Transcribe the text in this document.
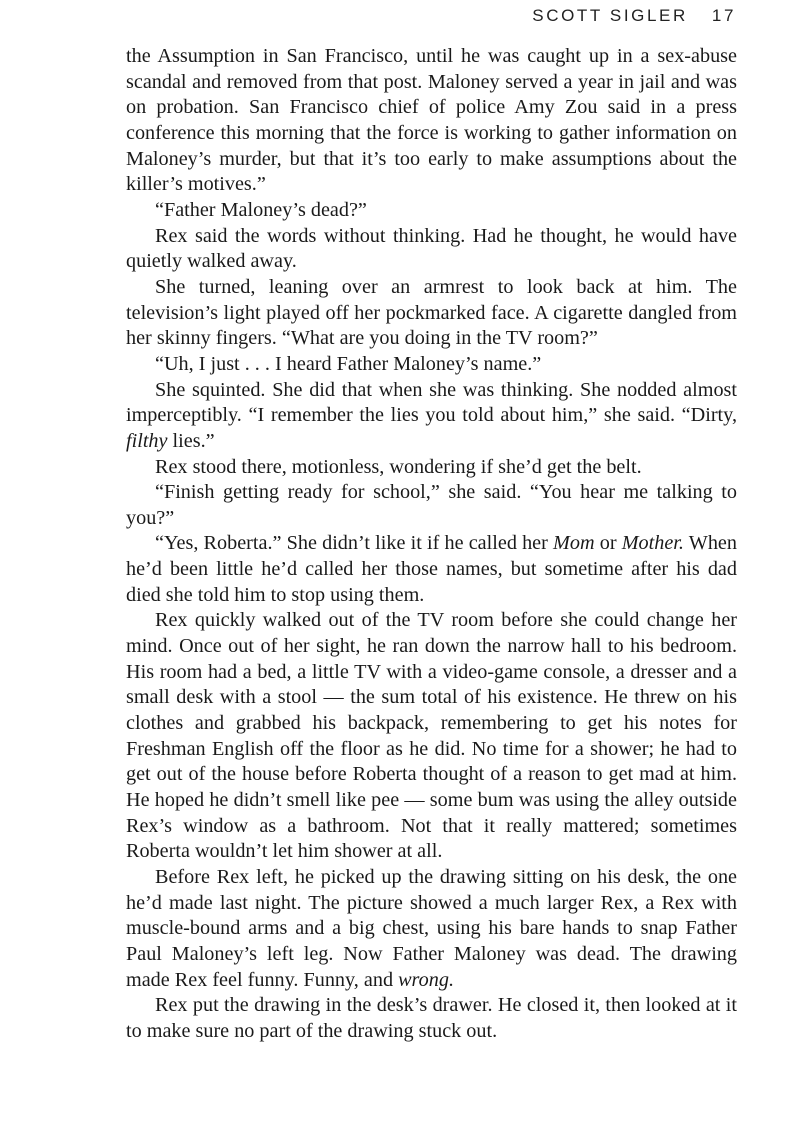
SCOTT SIGLER 17

the Assumption in San Francisco, until he was caught up in a sex-abuse scandal and removed from that post. Maloney served a year in jail and was on probation. San Francisco chief of police Amy Zou said in a press conference this morning that the force is working to gather information on Maloney’s murder, but that it’s too early to make assumptions about the killer’s motives.”

“Father Maloney’s dead?”

Rex said the words without thinking. Had he thought, he would have quietly walked away.

She turned, leaning over an armrest to look back at him. The television’s light played off her pockmarked face. A cigarette dangled from her skinny fingers. “What are you doing in the TV room?”

“Uh, I just . . . I heard Father Maloney’s name.”

She squinted. She did that when she was thinking. She nodded almost imperceptibly. “I remember the lies you told about him,” she said. “Dirty, filthy lies.”

Rex stood there, motionless, wondering if she’d get the belt.

“Finish getting ready for school,” she said. “You hear me talking to you?”

“Yes, Roberta.” She didn’t like it if he called her Mom or Mother. When he’d been little he’d called her those names, but sometime after his dad died she told him to stop using them.

Rex quickly walked out of the TV room before she could change her mind. Once out of her sight, he ran down the narrow hall to his bedroom. His room had a bed, a little TV with a video-game console, a dresser and a small desk with a stool — the sum total of his existence. He threw on his clothes and grabbed his backpack, remembering to get his notes for Freshman English off the floor as he did. No time for a shower; he had to get out of the house before Roberta thought of a reason to get mad at him. He hoped he didn’t smell like pee — some bum was using the alley outside Rex’s window as a bathroom. Not that it really mattered; sometimes Roberta wouldn’t let him shower at all.

Before Rex left, he picked up the drawing sitting on his desk, the one he’d made last night. The picture showed a much larger Rex, a Rex with muscle-bound arms and a big chest, using his bare hands to snap Father Paul Maloney’s left leg. Now Father Maloney was dead. The drawing made Rex feel funny. Funny, and wrong.

Rex put the drawing in the desk’s drawer. He closed it, then looked at it to make sure no part of the drawing stuck out.
